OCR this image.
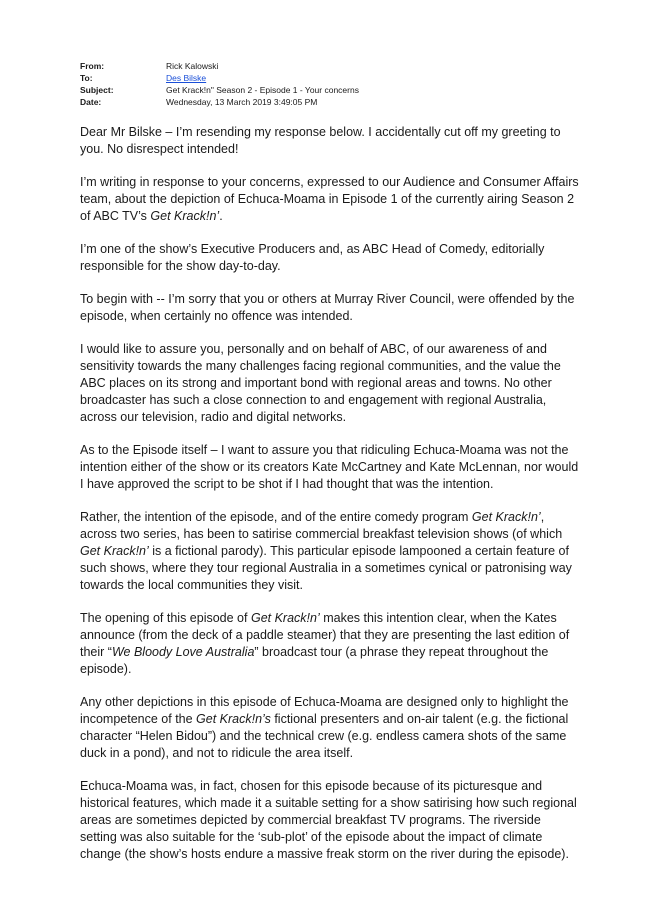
From:	Rick Kalowski
To:	Des Bilske
Subject:	Get Krack!n" Season 2 - Episode 1 - Your concerns
Date:	Wednesday, 13 March 2019 3:49:05 PM

Dear Mr Bilske – I’m resending my response below. I accidentally cut off my greeting to you. No disrespect intended!

I’m writing in response to your concerns, expressed to our Audience and Consumer Affairs team, about the depiction of Echuca-Moama in Episode 1 of the currently airing Season 2 of ABC TV’s Get Krack!n’.

I’m one of the show’s Executive Producers and, as ABC Head of Comedy, editorially responsible for the show day-to-day.

To begin with -- I’m sorry that you or others at Murray River Council, were offended by the episode, when certainly no offence was intended.

I would like to assure you, personally and on behalf of ABC, of our awareness of and sensitivity towards the many challenges facing regional communities, and the value the ABC places on its strong and important bond with regional areas and towns. No other broadcaster has such a close connection to and engagement with regional Australia, across our television, radio and digital networks.

As to the Episode itself – I want to assure you that ridiculing Echuca-Moama was not the intention either of the show or its creators Kate McCartney and Kate McLennan, nor would I have approved the script to be shot if I had thought that was the intention.

Rather, the intention of the episode, and of the entire comedy program Get Krack!n’, across two series, has been to satirise commercial breakfast television shows (of which Get Krack!n’ is a fictional parody). This particular episode lampooned a certain feature of such shows, where they tour regional Australia in a sometimes cynical or patronising way towards the local communities they visit.

The opening of this episode of Get Krack!n’ makes this intention clear, when the Kates announce (from the deck of a paddle steamer) that they are presenting the last edition of their “We Bloody Love Australia” broadcast tour (a phrase they repeat throughout the episode).

Any other depictions in this episode of Echuca-Moama are designed only to highlight the incompetence of the Get Krack!n’s fictional presenters and on-air talent (e.g. the fictional character “Helen Bidou”) and the technical crew (e.g. endless camera shots of the same duck in a pond), and not to ridicule the area itself.

Echuca-Moama was, in fact, chosen for this episode because of its picturesque and historical features, which made it a suitable setting for a show satirising how such regional areas are sometimes depicted by commercial breakfast TV programs. The riverside setting was also suitable for the ‘sub-plot’ of the episode about the impact of climate change (the show’s hosts endure a massive freak storm on the river during the episode).
